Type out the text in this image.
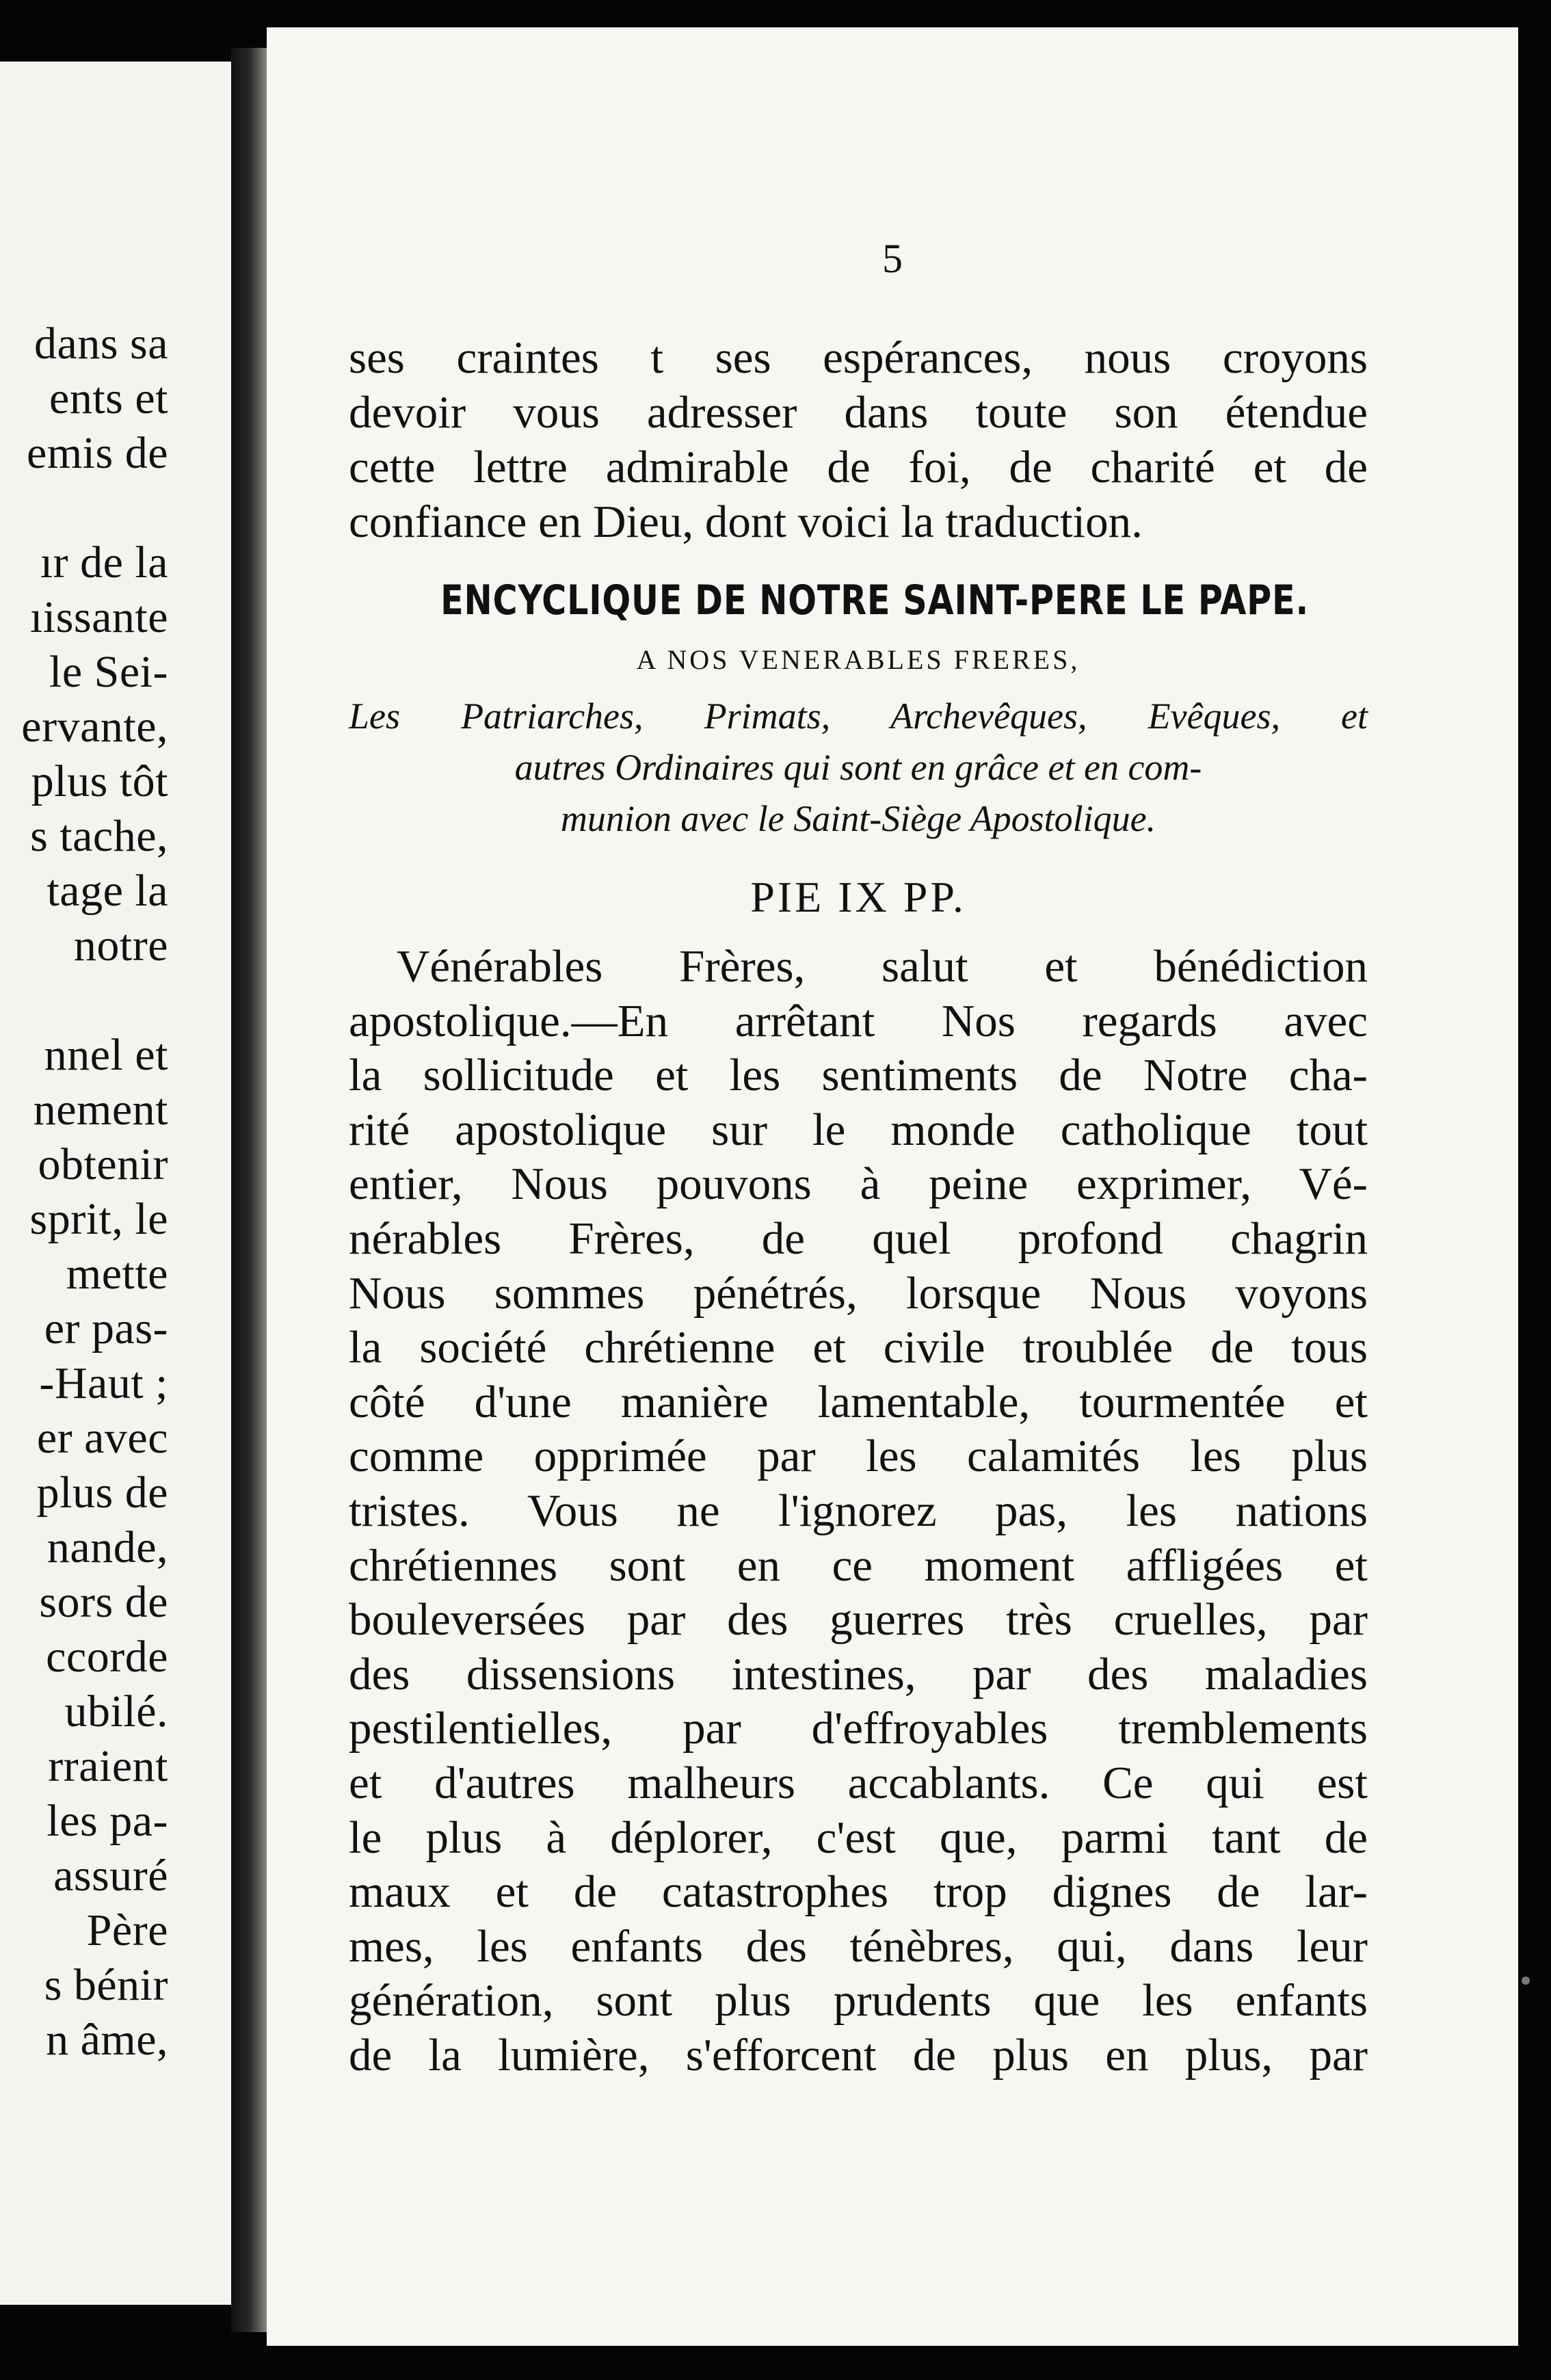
dans sa
ents et
emis de
ır de la
ıissante
le Sei-
ervante,
plus tôt
s tache,
tage la
notre
nnel et
nement
obtenir
sprit, le
mette
er pas-
-Haut ;
er avec
plus de
nande,
sors de
ccorde
ubilé.
rraient
les pa-
assuré
Père
s bénir
n âme,
5
ses craintes t ses espérances, nous croyons
devoir vous adresser dans toute son étendue
cette lettre admirable de foi, de charité et de
confiance en Dieu, dont voici la traduction.
ENCYCLIQUE DE NOTRE SAINT-PERE LE PAPE.
A NOS VENERABLES FRERES,
Les Patriarches, Primats, Archevêques, Evêques, et
autres Ordinaires qui sont en grâce et en com-
munion avec le Saint-Siège Apostolique.
PIE IX PP.
Vénérables Frères, salut et bénédiction
apostolique.—En arrêtant Nos regards avec
la sollicitude et les sentiments de Notre cha-
rité apostolique sur le monde catholique tout
entier, Nous pouvons à peine exprimer, Vé-
nérables Frères, de quel profond chagrin
Nous sommes pénétrés, lorsque Nous voyons
la société chrétienne et civile troublée de tous
côté d'une manière lamentable, tourmentée et
comme opprimée par les calamités les plus
tristes. Vous ne l'ignorez pas, les nations
chrétiennes sont en ce moment affligées et
bouleversées par des guerres très cruelles, par
des dissensions intestines, par des maladies
pestilentielles, par d'effroyables tremblements
et d'autres malheurs accablants. Ce qui est
le plus à déplorer, c'est que, parmi tant de
maux et de catastrophes trop dignes de lar-
mes, les enfants des ténèbres, qui, dans leur
génération, sont plus prudents que les enfants
de la lumière, s'efforcent de plus en plus, par
